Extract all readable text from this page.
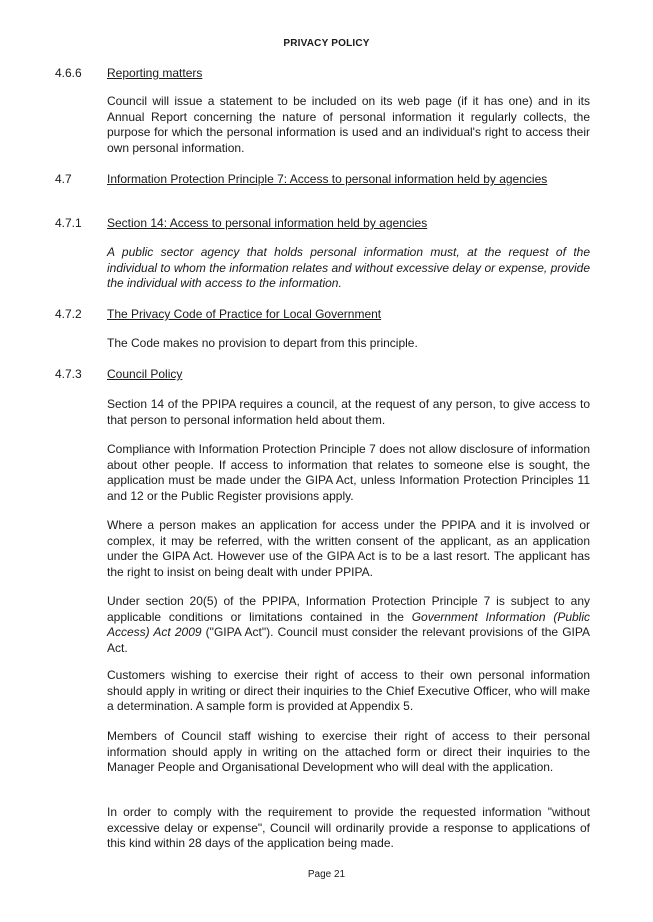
PRIVACY POLICY
4.6.6 Reporting matters
Council will issue a statement to be included on its web page (if it has one) and in its Annual Report concerning the nature of personal information it regularly collects, the purpose for which the personal information is used and an individual's right to access their own personal information.
4.7	Information Protection Principle 7: Access to personal information held by agencies
4.7.1 Section 14: Access to personal information held by agencies
A public sector agency that holds personal information must, at the request of the individual to whom the information relates and without excessive delay or expense, provide the individual with access to the information.
4.7.2 The Privacy Code of Practice for Local Government
The Code makes no provision to depart from this principle.
4.7.3 Council Policy
Section 14 of the PPIPA requires a council, at the request of any person, to give access to that person to personal information held about them.
Compliance with Information Protection Principle 7 does not allow disclosure of information about other people. If access to information that relates to someone else is sought, the application must be made under the GIPA Act, unless Information Protection Principles 11 and 12 or the Public Register provisions apply.
Where a person makes an application for access under the PPIPA and it is involved or complex, it may be referred, with the written consent of the applicant, as an application under the GIPA Act. However use of the GIPA Act is to be a last resort. The applicant has the right to insist on being dealt with under PPIPA.
Under section 20(5) of the PPIPA, Information Protection Principle 7 is subject to any applicable conditions or limitations contained in the Government Information (Public Access) Act 2009 ("GIPA Act"). Council must consider the relevant provisions of the GIPA Act.
Customers wishing to exercise their right of access to their own personal information should apply in writing or direct their inquiries to the Chief Executive Officer, who will make a determination. A sample form is provided at Appendix 5.
Members of Council staff wishing to exercise their right of access to their personal information should apply in writing on the attached form or direct their inquiries to the Manager People and Organisational Development who will deal with the application.
In order to comply with the requirement to provide the requested information "without excessive delay or expense", Council will ordinarily provide a response to applications of this kind within 28 days of the application being made.
Page 21
